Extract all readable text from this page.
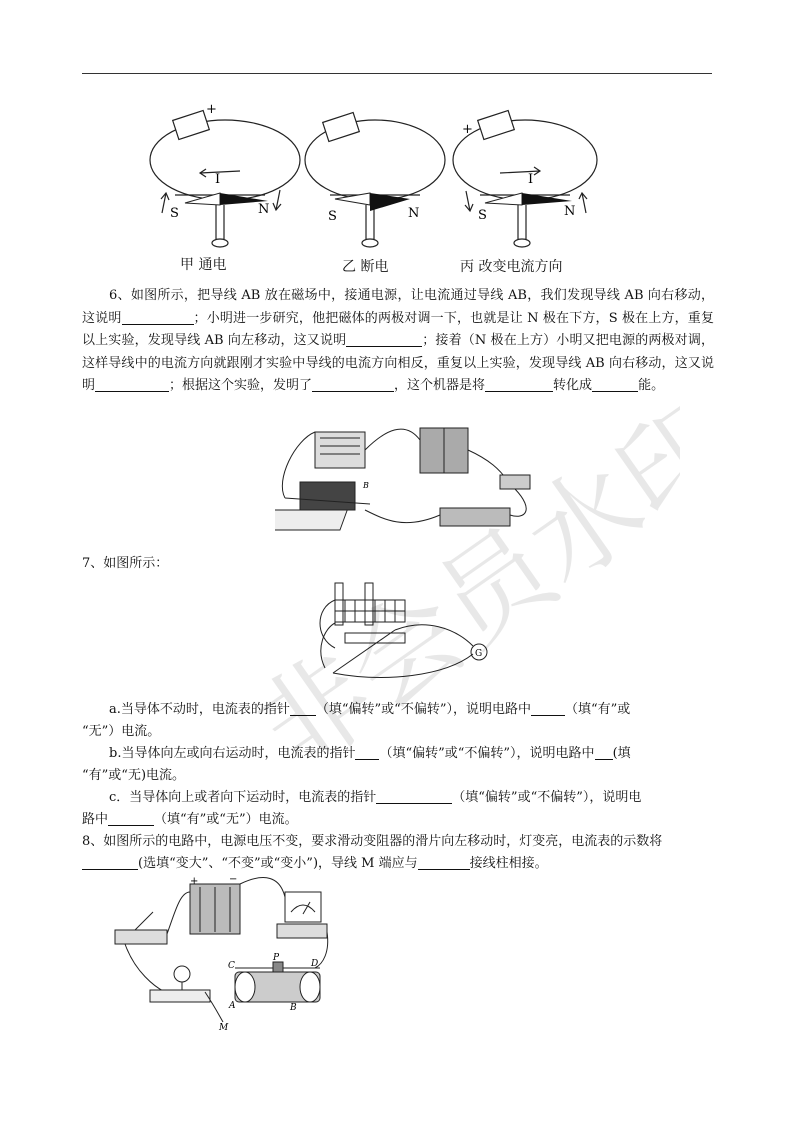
+
+
I	I
S	N	S	N	S	N
甲 通电	乙 断电	丙 改变电流方向
6、如图所示，把导线 AB 放在磁场中，接通电源，让电流通过导线 AB，我们发现导线 AB 向右移动，这说明	；小明进一步研究，他把磁体的两极对调一下，也就是让 N 极在下方，S 极在上方，重复以上实验，发现导线 AB 向左移动，这又说明	；接着（N 极在上方）小明又把电源的两极对调，这样导线中的电流方向就跟刚才实验中导线的电流方向相反，重复以上实验，发现导线 AB 向右移动，这又说明	；根据这个实验，发明了	，这个机器是将	转化成	能。
B
7、如图所示：
G
a.当导体不动时，电流表的指针 （填“偏转”或“不偏转”），说明电路中	（填“有”或
“无”）电流。
b.当导体向左或向右运动时，电流表的指针 （填“偏转”或“不偏转”），说明电路中 (填
“有”或“无)电流。
c．当导体向上或者向下运动时，电流表的指针	（填“偏转”或“不偏转”），说明电
路中	（填“有”或“无”）电流。
8、如图所示的电路中，电源电压不变，要求滑动变阻器的滑片向左移动时，灯变亮，电流表的示数将
(选填“变大”、“不变”或“变小”)，导线 M 端应与	接线柱相接。
+	−
C
P
D
A	B
M
非会员水印
